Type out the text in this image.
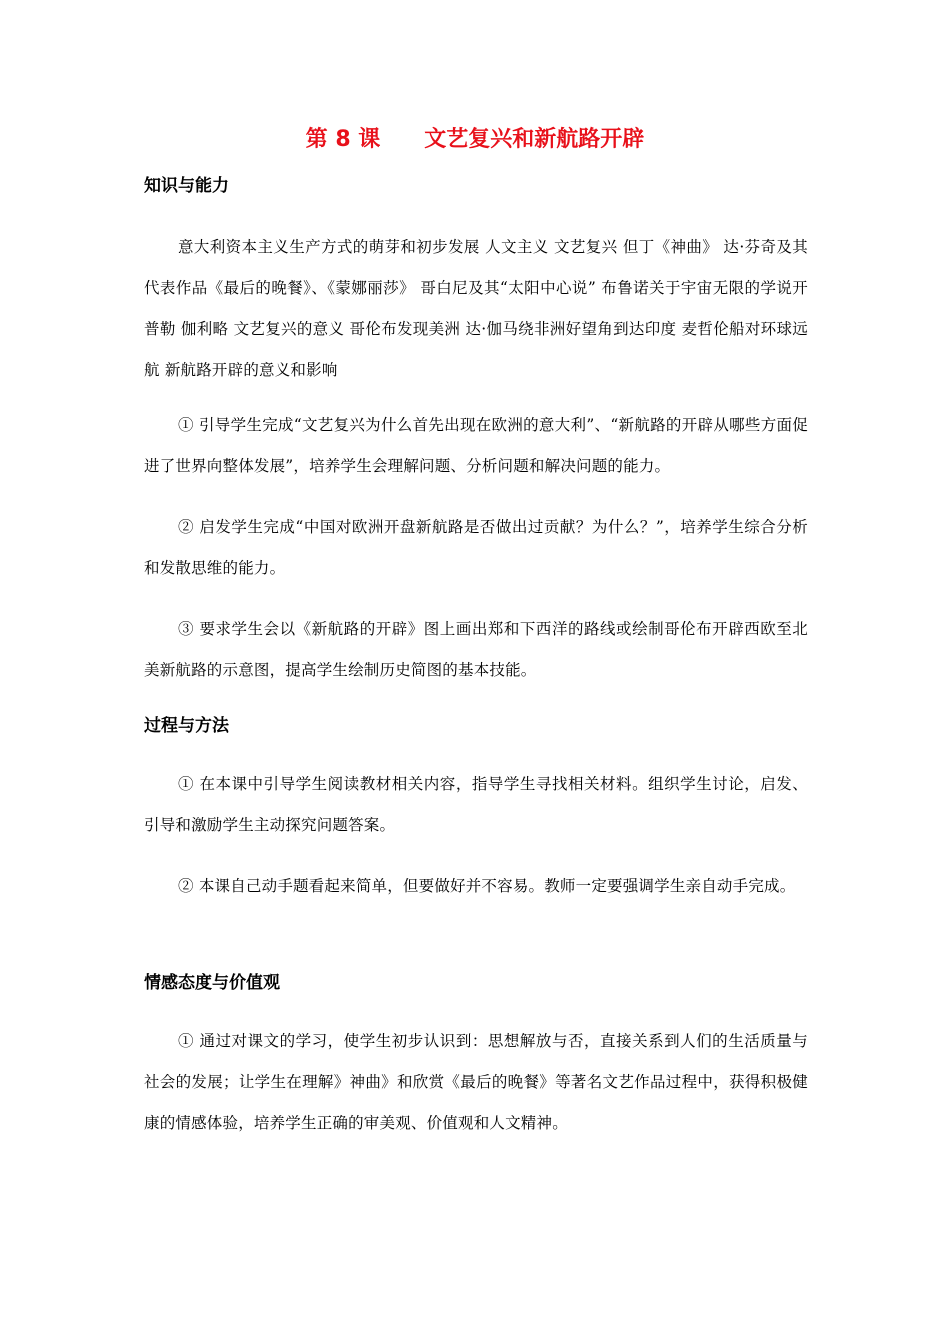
第 8 课　　文艺复兴和新航路开辟
知识与能力
意大利资本主义生产方式的萌芽和初步发展 人文主义 文艺复兴 但丁《神曲》 达·芬奇及其代表作品《最后的晚餐》、《蒙娜丽莎》 哥白尼及其“太阳中心说” 布鲁诺关于宇宙无限的学说开普勒 伽利略 文艺复兴的意义 哥伦布发现美洲 达·伽马绕非洲好望角到达印度 麦哲伦船对环球远航 新航路开辟的意义和影响
① 引导学生完成“文艺复兴为什么首先出现在欧洲的意大利”、“新航路的开辟从哪些方面促进了世界向整体发展”，培养学生会理解问题、分析问题和解决问题的能力。
② 启发学生完成“中国对欧洲开盘新航路是否做出过贡献？为什么？”，培养学生综合分析和发散思维的能力。
③ 要求学生会以《新航路的开辟》图上画出郑和下西洋的路线或绘制哥伦布开辟西欧至北美新航路的示意图，提高学生绘制历史简图的基本技能。
过程与方法
① 在本课中引导学生阅读教材相关内容，指导学生寻找相关材料。组织学生讨论，启发、引导和激励学生主动探究问题答案。
② 本课自己动手题看起来简单，但要做好并不容易。教师一定要强调学生亲自动手完成。
情感态度与价值观
① 通过对课文的学习，使学生初步认识到：思想解放与否，直接关系到人们的生活质量与社会的发展；让学生在理解》神曲》和欣赏《最后的晚餐》等著名文艺作品过程中，获得积极健康的情感体验，培养学生正确的审美观、价值观和人文精神。
